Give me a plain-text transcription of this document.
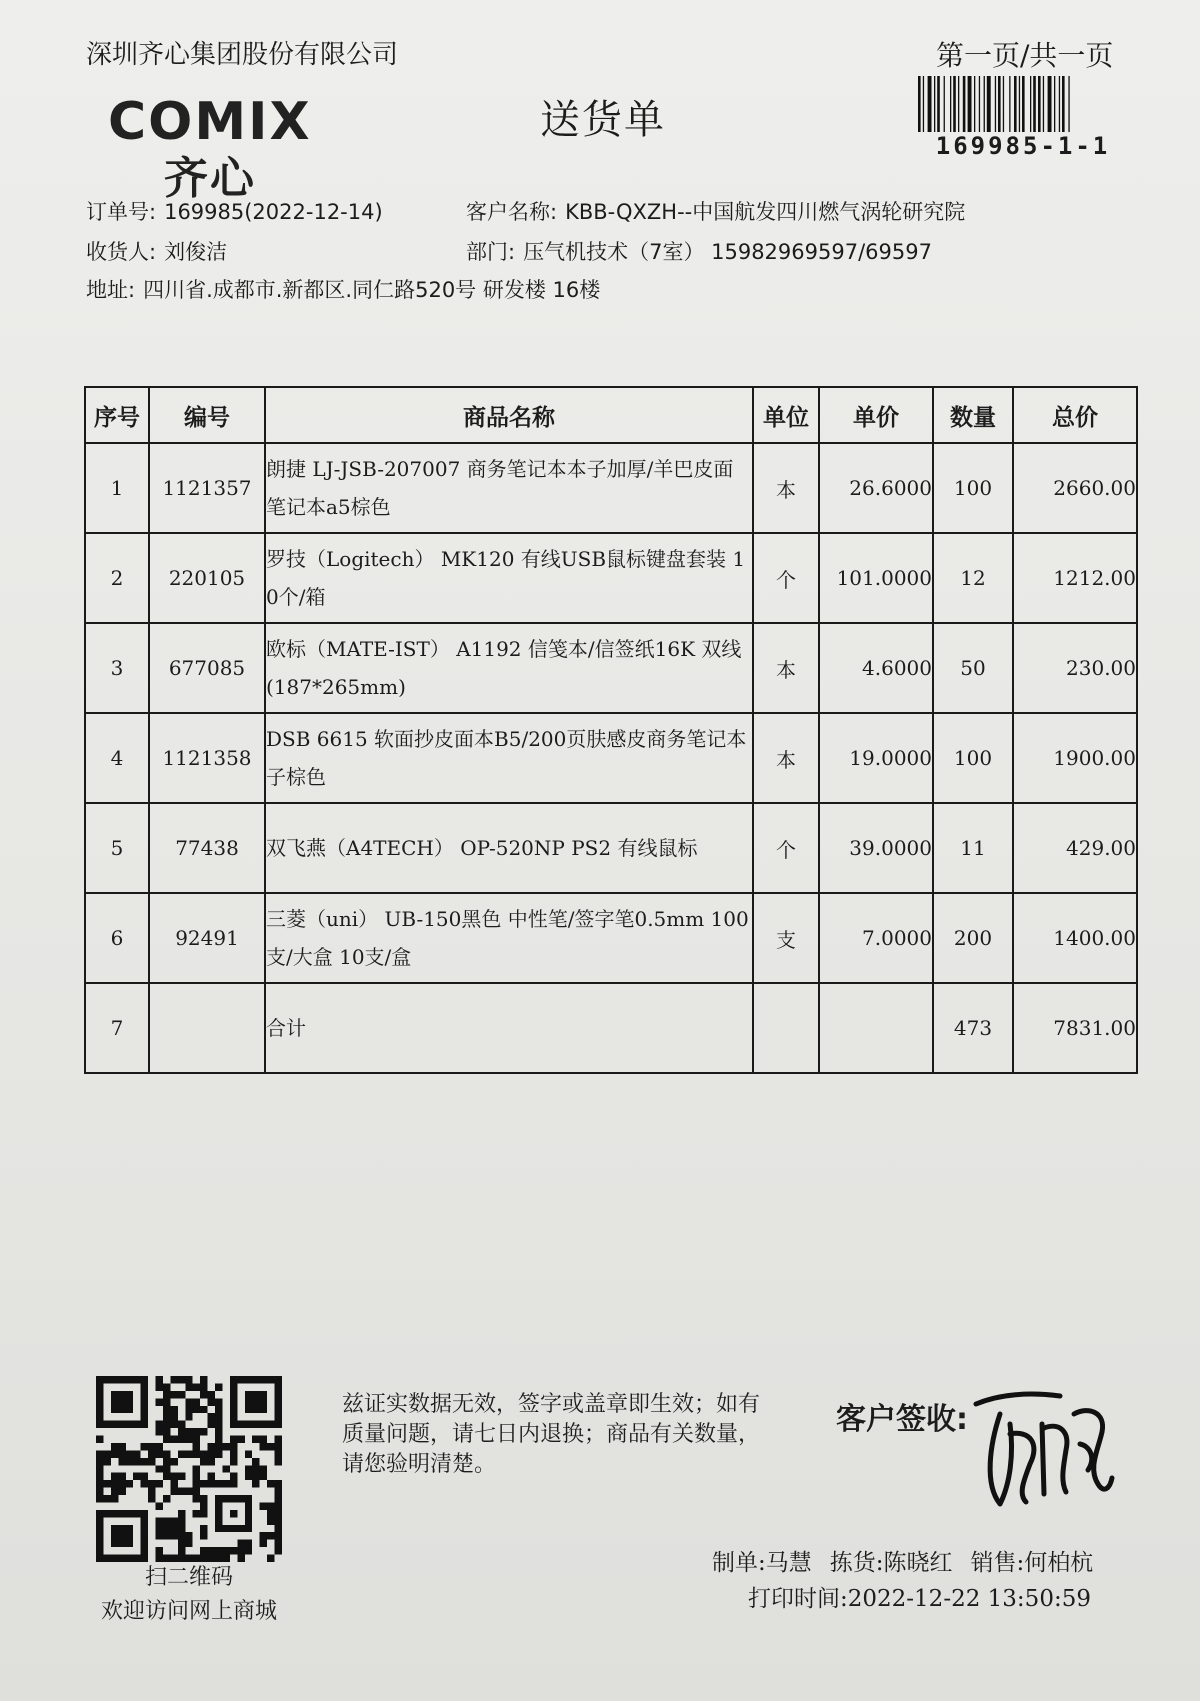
深圳齐心集团股份有限公司	第一页/共一页
COMIX
齐心
送货单
169985-1-1
订单号: 169985(2022-12-14)	客户名称: KBB-QXZH--中国航发四川燃气涡轮研究院
收货人: 刘俊洁	部门: 压气机技术（7室） 15982969597/69597
地址: 四川省.成都市.新都区.同仁路520号 研发楼 16楼
序号	编号	商品名称	单位	单价	数量	总价
1	1121357	朗捷 LJ-JSB-207007 商务笔记本本子加厚/羊巴皮面笔记本a5棕色	本	26.6000	100	2660.00
2	220105	罗技（Logitech） MK120 有线USB鼠标键盘套装 10个/箱	个	101.0000	12	1212.00
3	677085	欧标（MATE-IST） A1192 信笺本/信签纸16K 双线 (187*265mm)	本	4.6000	50	230.00
4	1121358	DSB 6615 软面抄皮面本B5/200页肤感皮商务笔记本 子棕色	本	19.0000	100	1900.00
5	77438	双飞燕（A4TECH） OP-520NP PS2 有线鼠标	个	39.0000	11	429.00
6	92491	三菱（uni） UB-150黑色 中性笔/签字笔0.5mm 100支/大盒 10支/盒	支	7.0000	200	1400.00
7		合计			473	7831.00
扫二维码
欢迎访问网上商城
兹证实数据无效，签字或盖章即生效；如有质量问题，请七日内退换；商品有关数量，请您验明清楚。
客户签收:
制单:马慧 拣货:陈晓红 销售:何柏杭
打印时间:2022-12-22 13:50:59
